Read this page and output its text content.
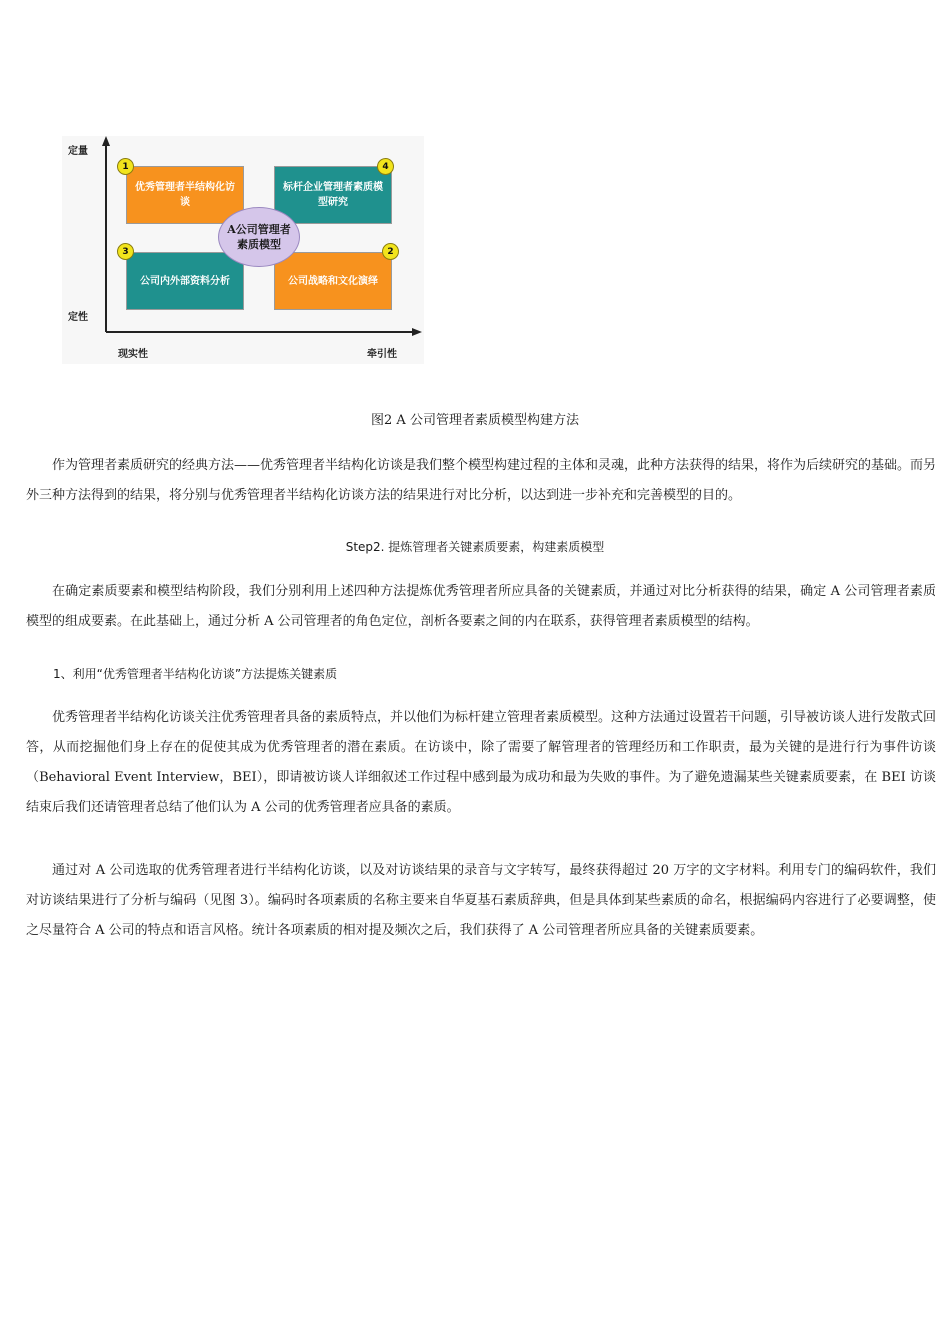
定量
定性
现实性	牵引性
优秀管理者半结构化访谈
标杆企业管理者素质模型研究
公司内外部资料分析	公司战略和文化演绎
1	4
3	2
A公司管理者素质模型
图2 A 公司管理者素质模型构建方法

作为管理者素质研究的经典方法——优秀管理者半结构化访谈是我们整个模型构建过程的主体和灵魂，此种方法获得的结果，将作为后续研究的基础。而另外三种方法得到的结果，将分别与优秀管理者半结构化访谈方法的结果进行对比分析，以达到进一步补充和完善模型的目的。

Step2. 提炼管理者关键素质要素，构建素质模型

在确定素质要素和模型结构阶段，我们分别利用上述四种方法提炼优秀管理者所应具备的关键素质，并通过对比分析获得的结果，确定 A 公司管理者素质模型的组成要素。在此基础上，通过分析 A 公司管理者的角色定位，剖析各要素之间的内在联系，获得管理者素质模型的结构。

1、利用“优秀管理者半结构化访谈”方法提炼关键素质

优秀管理者半结构化访谈关注优秀管理者具备的素质特点，并以他们为标杆建立管理者素质模型。这种方法通过设置若干问题，引导被访谈人进行发散式回答，从而挖掘他们身上存在的促使其成为优秀管理者的潜在素质。在访谈中，除了需要了解管理者的管理经历和工作职责，最为关键的是进行行为事件访谈（Behavioral Event Interview，BEI），即请被访谈人详细叙述工作过程中感到最为成功和最为失败的事件。为了避免遗漏某些关键素质要素，在 BEI 访谈结束后我们还请管理者总结了他们认为 A 公司的优秀管理者应具备的素质。

通过对 A 公司选取的优秀管理者进行半结构化访谈，以及对访谈结果的录音与文字转写，最终获得超过 20 万字的文字材料。利用专门的编码软件，我们对访谈结果进行了分析与编码（见图 3）。编码时各项素质的名称主要来自华夏基石素质辞典，但是具体到某些素质的命名，根据编码内容进行了必要调整，使之尽量符合 A 公司的特点和语言风格。统计各项素质的相对提及频次之后，我们获得了 A 公司管理者所应具备的关键素质要素。
